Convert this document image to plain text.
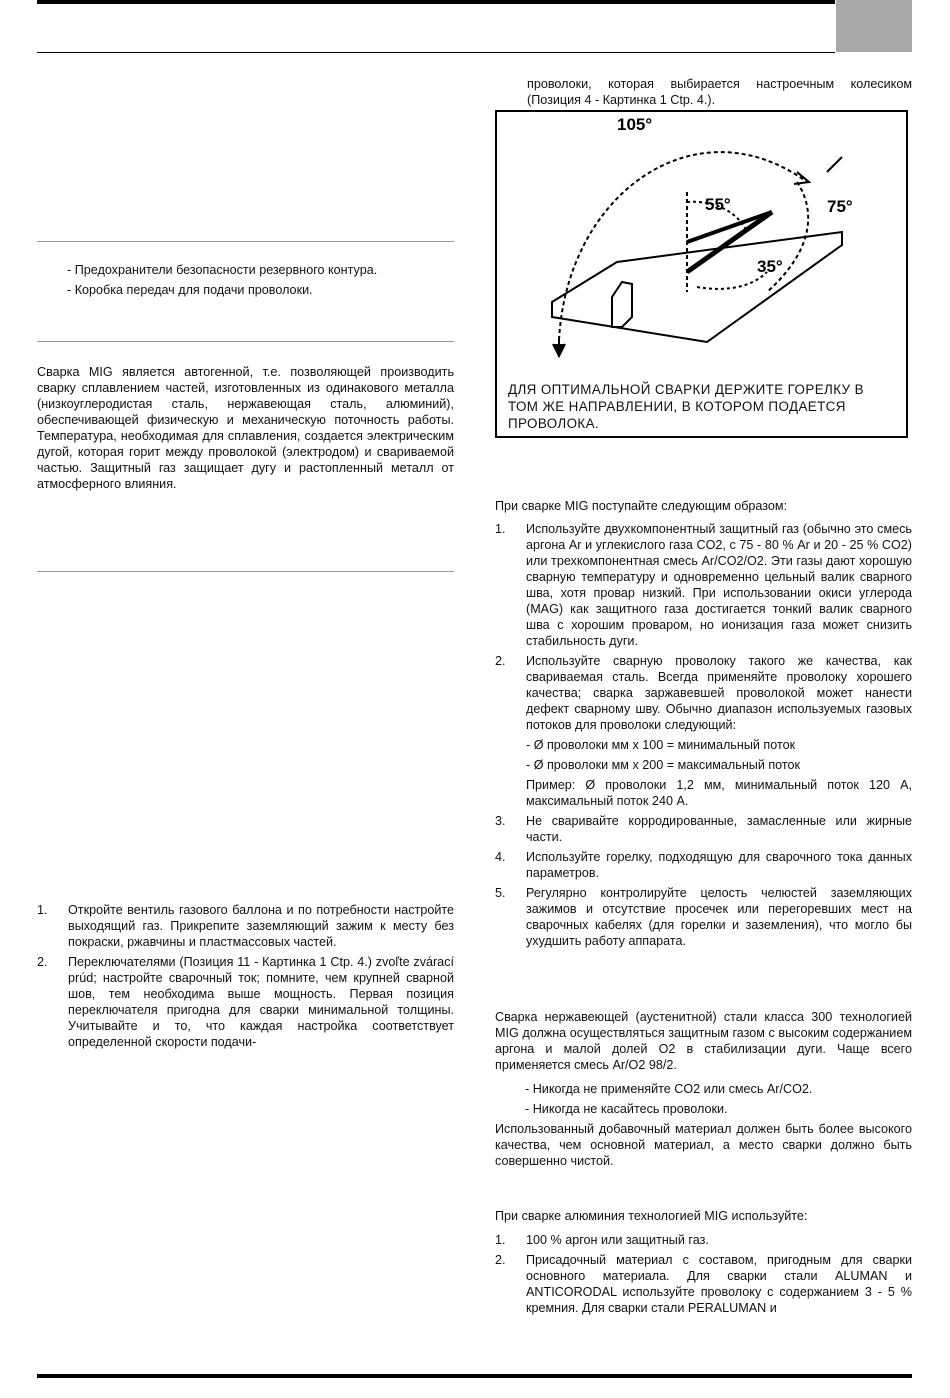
- Предохранители безопасности резервного контура.

- Коробка передач для подачи проволоки.

Сварка MIG является автогенной, т.е. позволяющей производить сварку сплавлением частей, изготовленных из одинакового металла (низкоуглеродистая сталь, нержавеющая сталь, алюминий), обеспечивающей физическую и механическую поточность работы. Температура, необходимая для сплавления, создается электрическим дугой, которая горит между проволокой (электродом) и свариваемой частью. Защитный газ защищает дугу и растопленный металл от атмосферного влияния.

1. Откройте вентиль газового баллона и по потребности настройте выходящий газ. Прикрепите заземляющий зажим к месту без покраски, ржавчины и пластмассовых частей.
2. Переключателями (Позиция 11 - Картинка 1 Ctp. 4.) zvoľte zvárací prúd; настройте сварочный ток; помните, чем крупней сварной шов, тем необходима выше мощность. Первая позиция переключателя пригодна для сварки минимальной толщины. Учитывайте и то, что каждая настройка соответствует определенной скорости подачи-

проволоки, которая выбирается настроечным колесиком (Позиция 4 - Картинка 1 Ctp. 4.).

105°
55°	75°
35°

ДЛЯ ОПТИМАЛЬНОЙ СВАРКИ ДЕРЖИТЕ ГОРЕЛКУ В ТОМ ЖЕ НАПРАВЛЕНИИ, В КОТОРОМ ПОДАЕТСЯ ПРОВОЛОКА.

При сварке MIG поступайте следующим образом:

1. Используйте двухкомпонентный защитный газ (обычно это смесь аргона Ar и углекислого газа CO2, с 75 - 80 % Ar и 20 - 25 % CO2) или трехкомпонентная смесь Ar/CO2/O2. Эти газы дают хорошую сварную температуру и одновременно цельный валик сварного шва, хотя провар низкий. При использовании окиси углерода (MAG) как защитного газа достигается тонкий валик сварного шва с хорошим проваром, но ионизация газа может снизить стабильность дуги.
2. Используйте сварную проволоку такого же качества, как свариваемая сталь. Всегда применяйте проволоку хорошего качества; сварка заржавевшей проволокой может нанести дефект сварному шву. Обычно диапазон используемых газовых потоков для проволоки следующий:

- Ø проволоки мм x 100 = минимальный поток

- Ø проволоки мм x 200 = максимальный поток

Пример: Ø проволоки 1,2 мм, минимальный поток 120 A, максимальный поток 240 A.

3. Не сваривайте корродированные, замасленные или жирные части.
4. Используйте горелку, подходящую для сварочного тока данных параметров.
5. Регулярно контролируйте целость челюстей заземляющих зажимов и отсутствие просечек или перегоревших мест на сварочных кабелях (для горелки и заземления), что могло бы ухудшить работу аппарата.

Сварка нержавеющей (аустенитной) стали класса 300 технологией MIG должна осуществляться защитным газом с высоким содержанием аргона и малой долей O2 в стабилизации дуги. Чаще всего применяется смесь Ar/O2 98/2.

- Никогда не применяйте CO2 или смесь Ar/CO2.

- Никогда не касайтесь проволоки.

Использованный добавочный материал должен быть более высокого качества, чем основной материал, а место сварки должно быть совершенно чистой.

При сварке алюминия технологией MIG используйте:

1. 100 % аргон или защитный газ.
2. Присадочный материал с составом, пригодным для сварки основного материала. Для сварки стали ALUMAN и ANTICORODAL используйте проволоку с содержанием 3 - 5 % кремния. Для сварки стали PERALUMAN и
